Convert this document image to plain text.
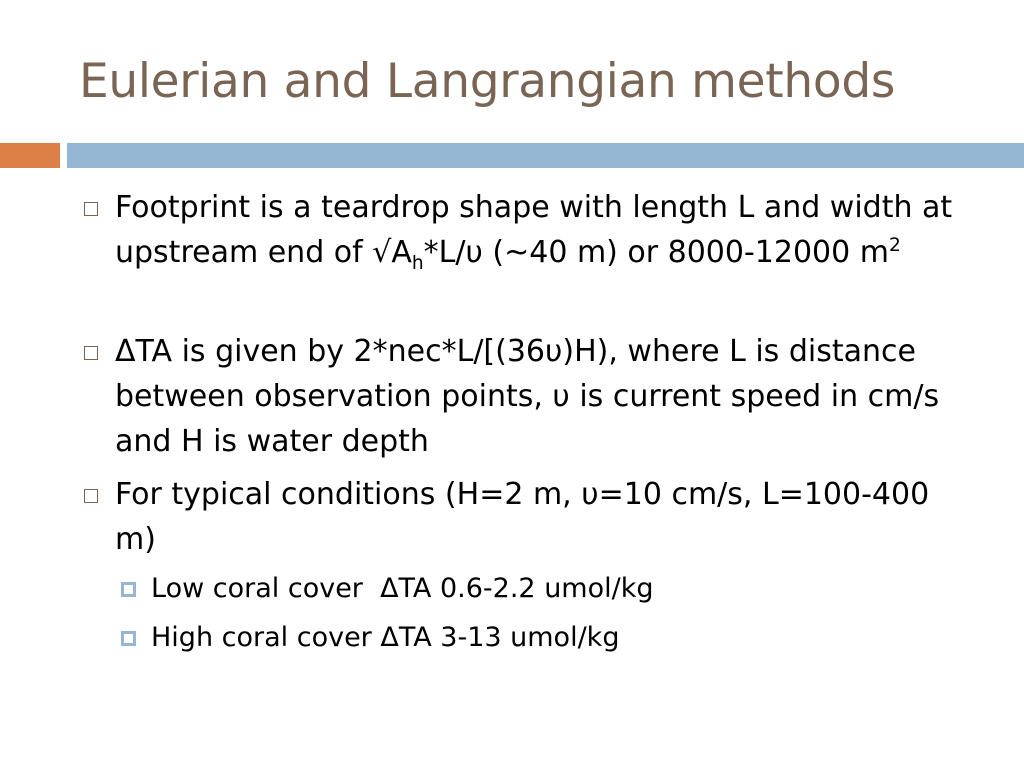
Eulerian and Langrangian methods
Footprint is a teardrop shape with length L and width at upstream end of $√A_h*L/\upsilon$ (~40 m) or 8000-12000 $m^2$
ΔTA is given by 2*nec*L/[(36υ)H), where L is distance between observation points, υ is current speed in cm/s and H is water depth
For typical conditions (H=2 m, υ=10 cm/s, L=100-400 m)
Low coral cover  ΔTA 0.6-2.2 umol/kg
High coral cover ΔTA 3-13 umol/kg
